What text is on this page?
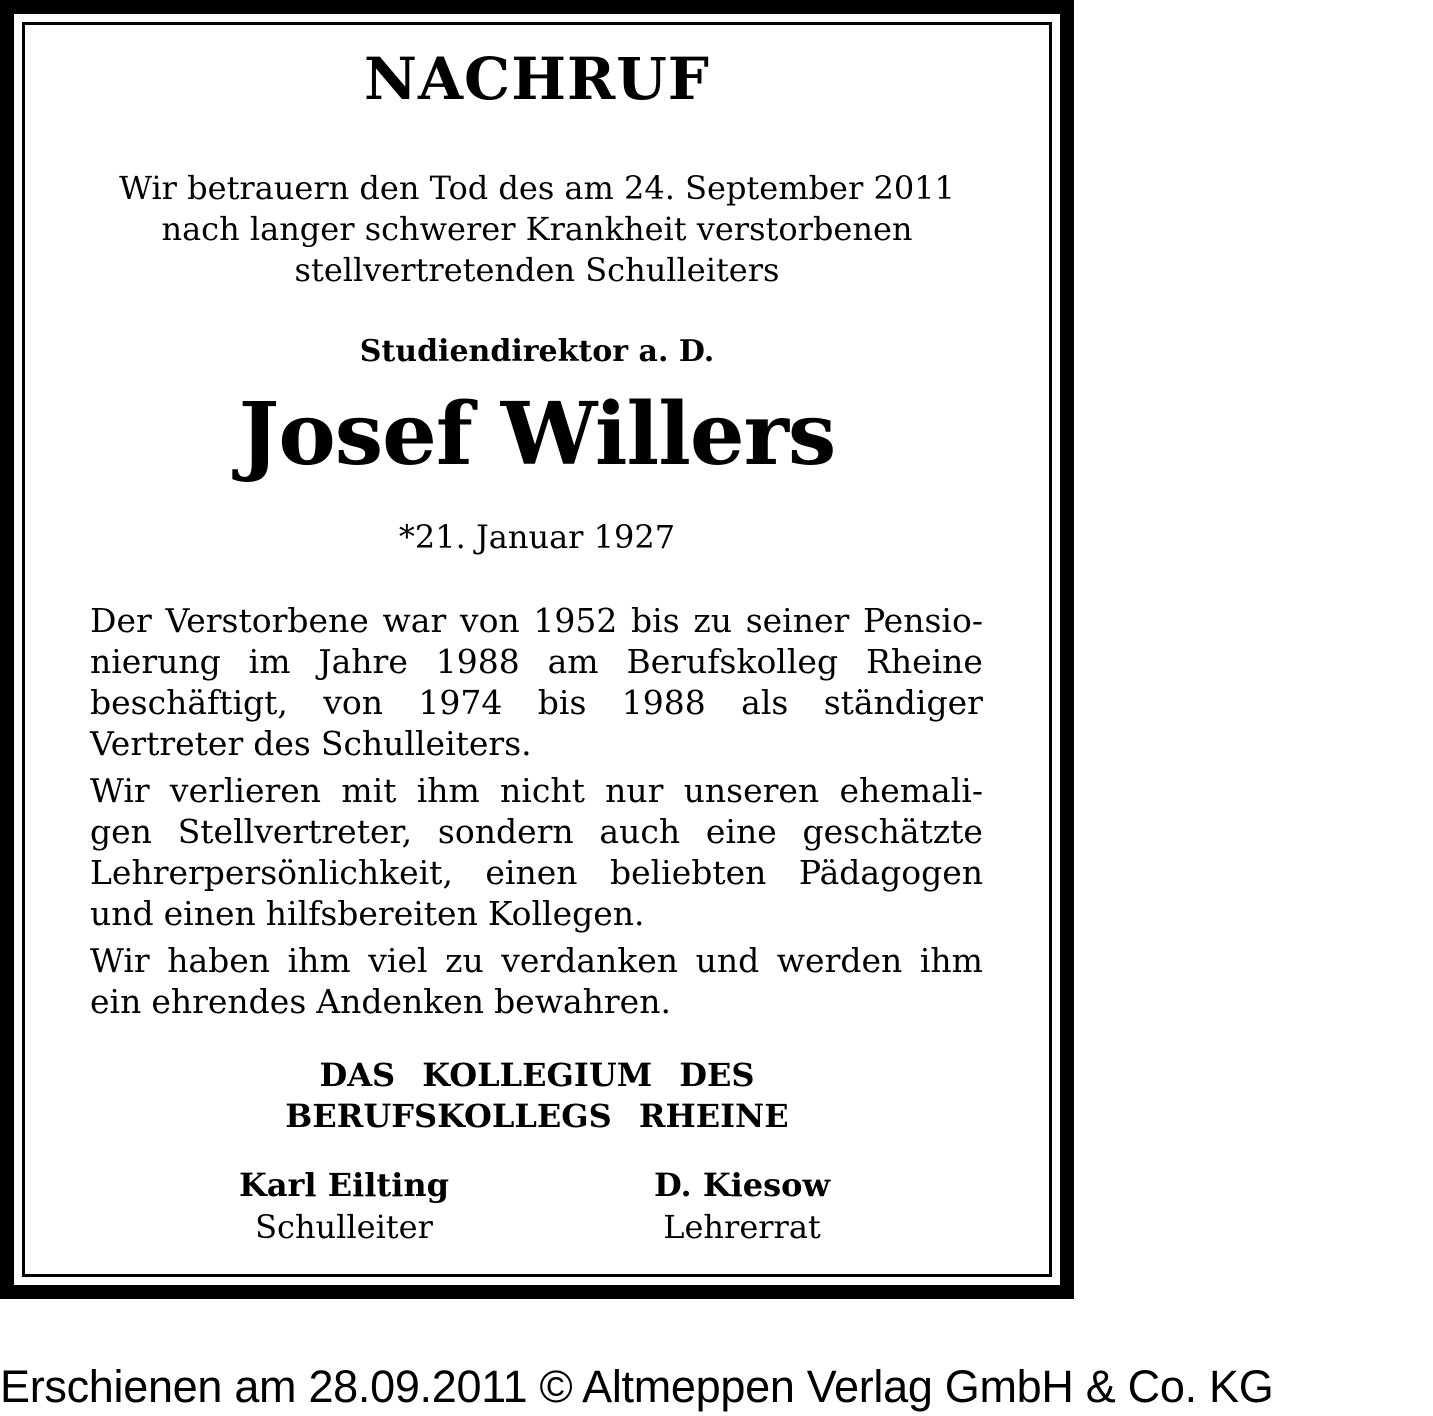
NACHRUF
Wir betrauern den Tod des am 24. September 2011
nach langer schwerer Krankheit verstorbenen
stellvertretenden Schulleiters
Studiendirektor a. D.
Josef Willers
*21. Januar 1927
Der Verstorbene war von 1952 bis zu seiner Pensio-
nierung im Jahre 1988 am Berufskolleg Rheine
beschäftigt, von 1974 bis 1988 als ständiger
Vertreter des Schulleiters.
Wir verlieren mit ihm nicht nur unseren ehemali-
gen Stellvertreter, sondern auch eine geschätzte
Lehrerpersönlichkeit, einen beliebten Pädagogen
und einen hilfsbereiten Kollegen.
Wir haben ihm viel zu verdanken und werden ihm
ein ehrendes Andenken bewahren.
DAS KOLLEGIUM DES
BERUFSKOLLEGS RHEINE
Karl Eilting
Schulleiter
D. Kiesow
Lehrerrat
Erschienen am 28.09.2011 © Altmeppen Verlag GmbH & Co. KG
